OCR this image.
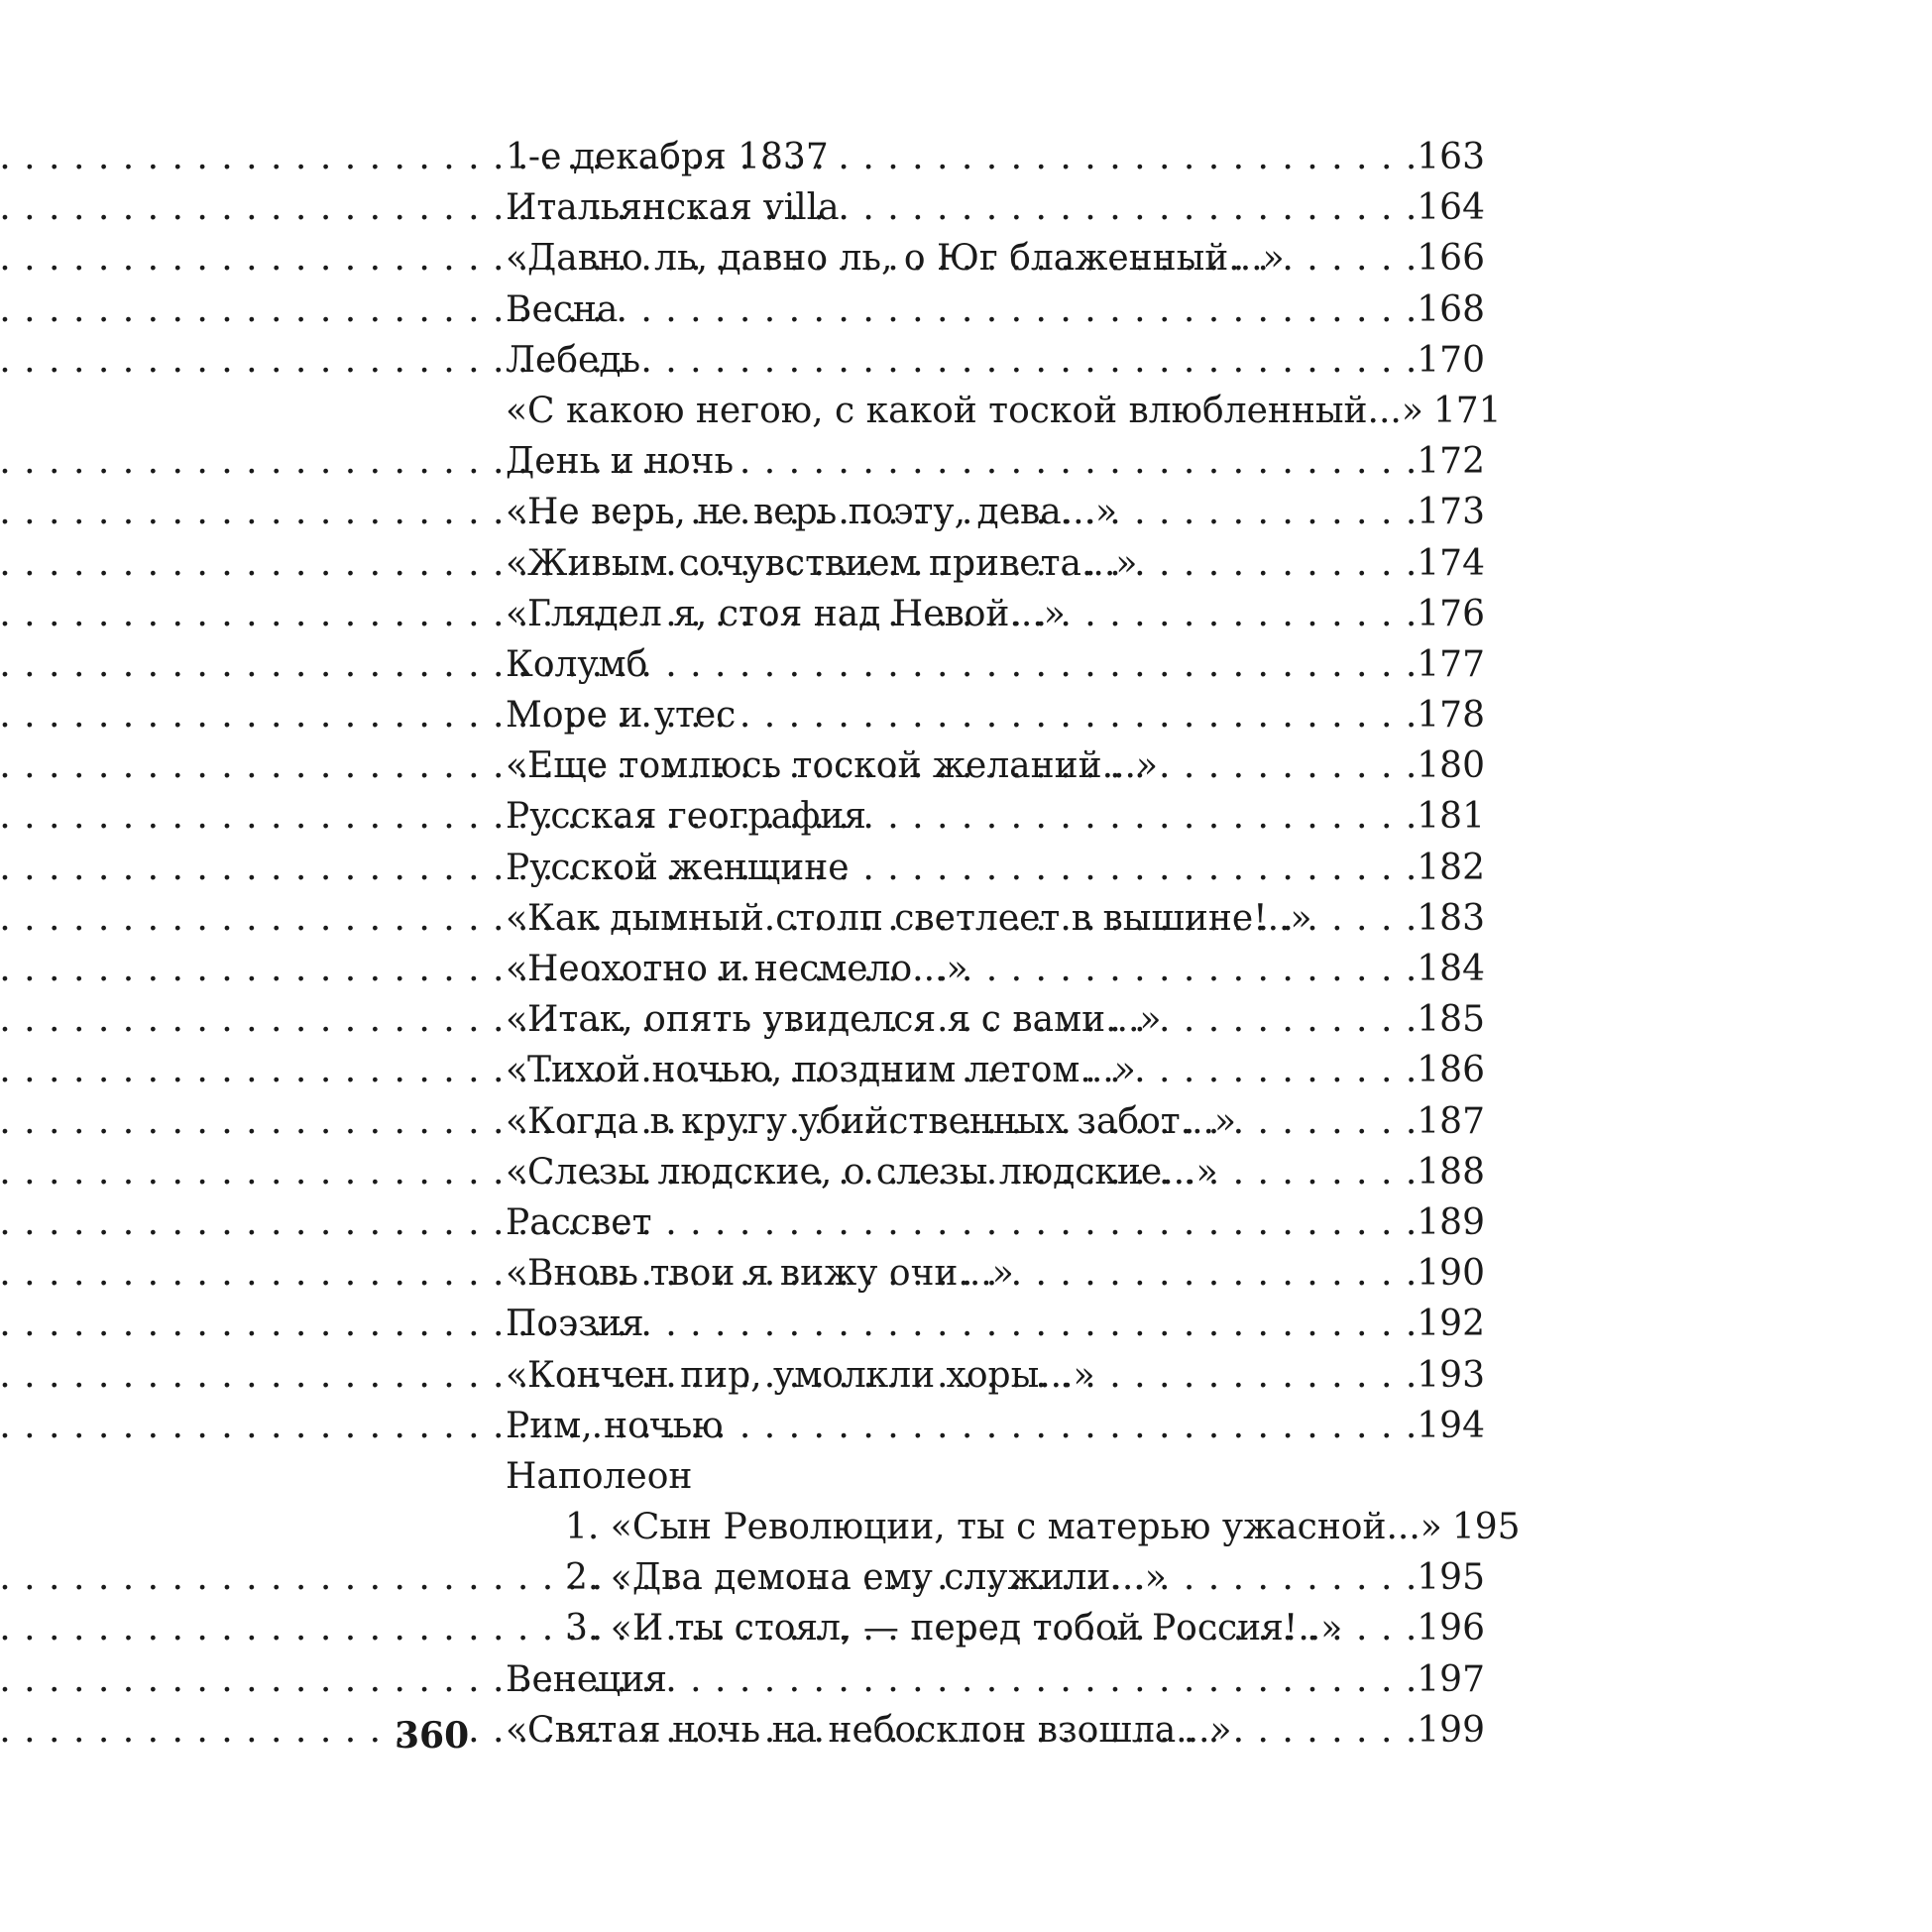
1-е декабря 1837 . . .	163
Итальянская villa . . .	164
«Давно ль, давно ль, о Юг блаженный...» . . .	166
Весна . . .	168
Лебедь . . .	170
«С какою негою, с какой тоской влюбленный...» 171
День и ночь . . .	172
«Не верь, не верь поэту, дева...» . . .	173
«Живым сочувствием привета...» . . .	174
«Глядел я, стоя над Невой...» . . .	176
Колумб . . .	177
Море и утес . . .	178
«Еще томлюсь тоской желаний...» . . .	180
Русская география . . .	181
Русской женщине . . .	182
«Как дымный столп светлеет в вышине!..» . . .	183
«Неохотно и несмело...» . . .	184
«Итак, опять увиделся я с вами...» . . .	185
«Тихой ночью, поздним летом...» . . .	186
«Когда в кругу убийственных забот...» . . .	187
«Слезы людские, о слезы людские...» . . .	188
Рассвет . . .	189
«Вновь твои я вижу очи...» . . .	190
Поэзия . . .	192
«Кончен пир, умолкли хоры...» . . .	193
Рим, ночью . . .	194
Наполеон
1. «Сын Революции, ты с матерью ужасной...» 195
2. «Два демона ему служили...» . . .	195
3. «И ты стоял, — перед тобой Россия!..» . . . 196
Венеция . . .	197
«Святая ночь на небосклон взошла...» . . .	199
360
